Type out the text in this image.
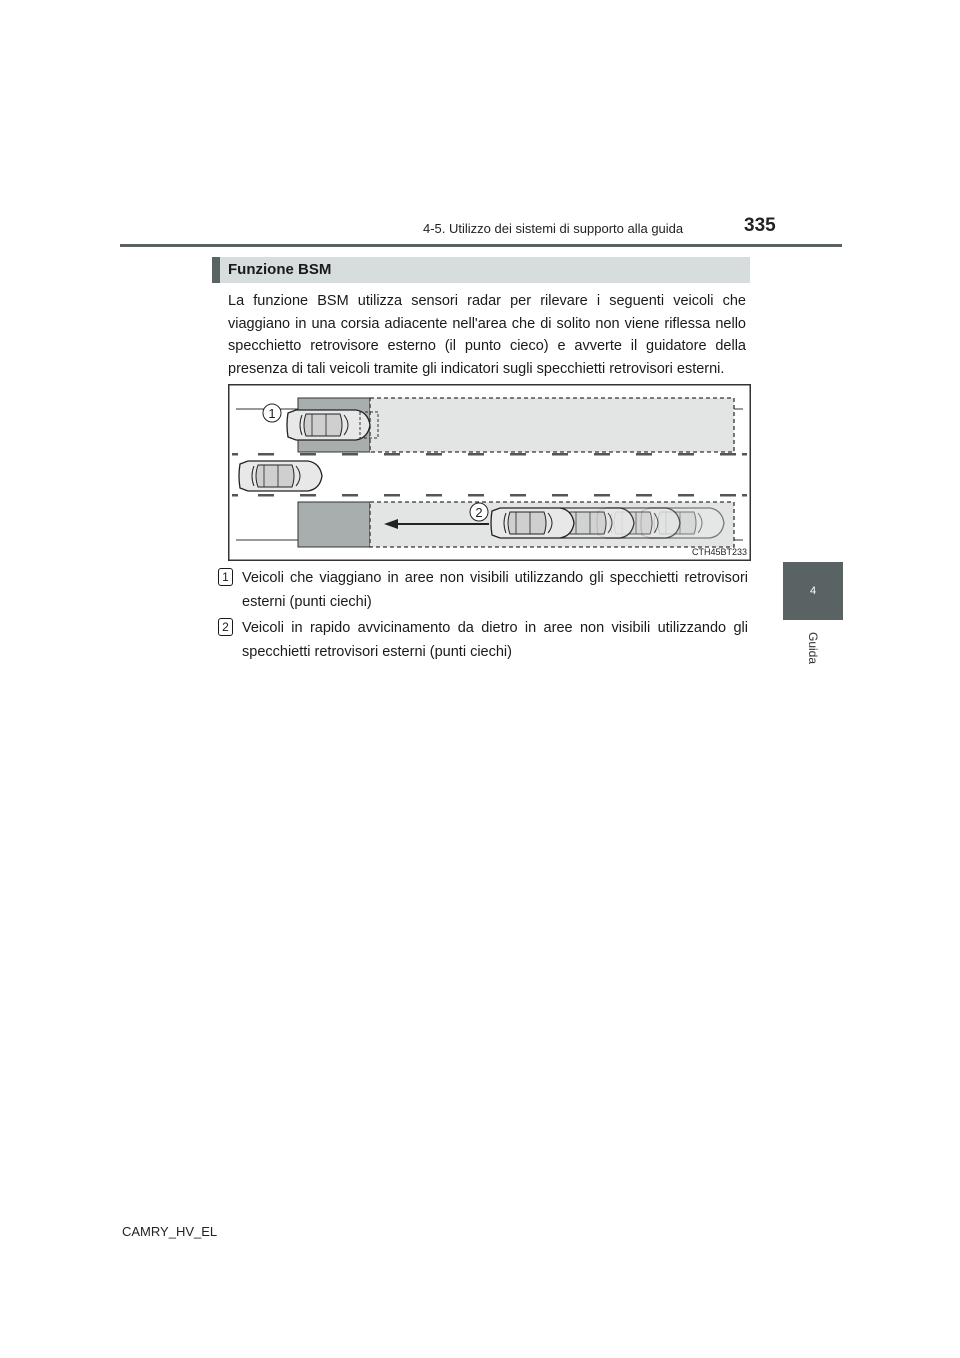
4-5. Utilizzo dei sistemi di supporto alla guida	335
4
Guida
Funzione BSM
La funzione BSM utilizza sensori radar per rilevare i seguenti veicoli che viaggiano in una corsia adiacente nell'area che di solito non viene riflessa nello specchietto retrovisore esterno (il punto cieco) e avverte il guidatore della presenza di tali veicoli tramite gli indicatori sugli specchietti retrovisori esterni.
1
2
CTH45BT233
1 Veicoli che viaggiano in aree non visibili utilizzando gli specchietti retrovisori esterni (punti ciechi)
2 Veicoli in rapido avvicinamento da dietro in aree non visibili utilizzando gli specchietti retrovisori esterni (punti ciechi)
CAMRY_HV_EL
